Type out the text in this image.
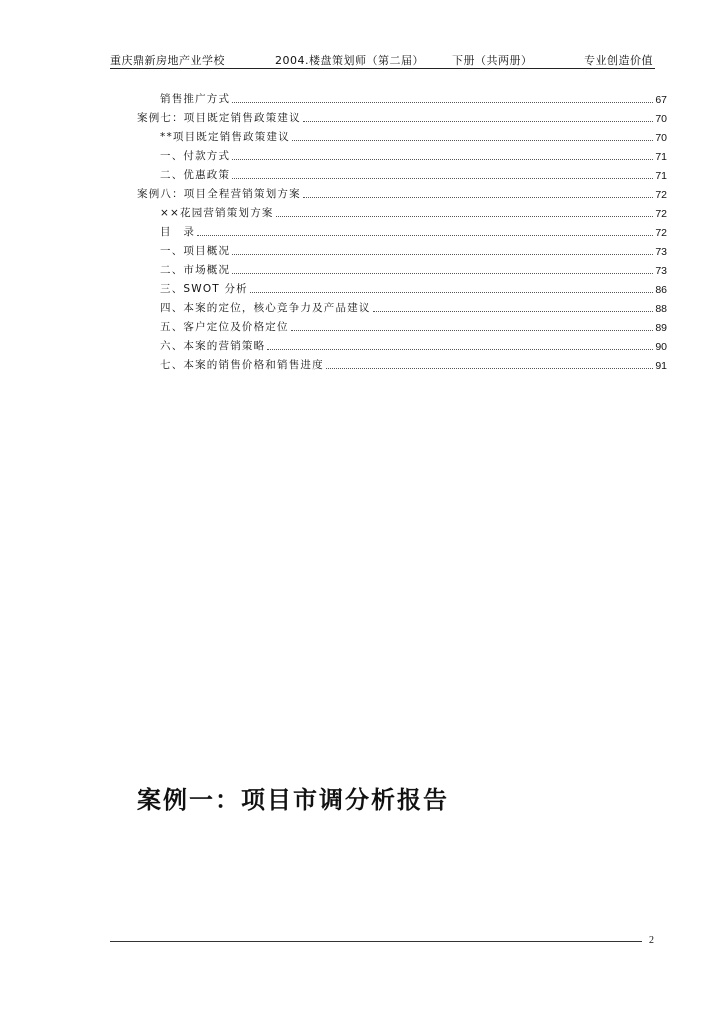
重庆鼎新房地产业学校	2004.楼盘策划师（第二届）	下册（共两册）	专业创造价值
销售推广方式	67
案例七：项目既定销售政策建议	70
**项目既定销售政策建议	70
一、付款方式	71
二、优惠政策	71
案例八：项目全程营销策划方案	72
××花园营销策划方案	72
目　录	72
一、项目概况	73
二、市场概况	73
三、SWOT 分析	86
四、本案的定位，核心竞争力及产品建议	88
五、客户定位及价格定位	89
六、本案的营销策略	90
七、本案的销售价格和销售进度	91
案例一：项目市调分析报告
2
